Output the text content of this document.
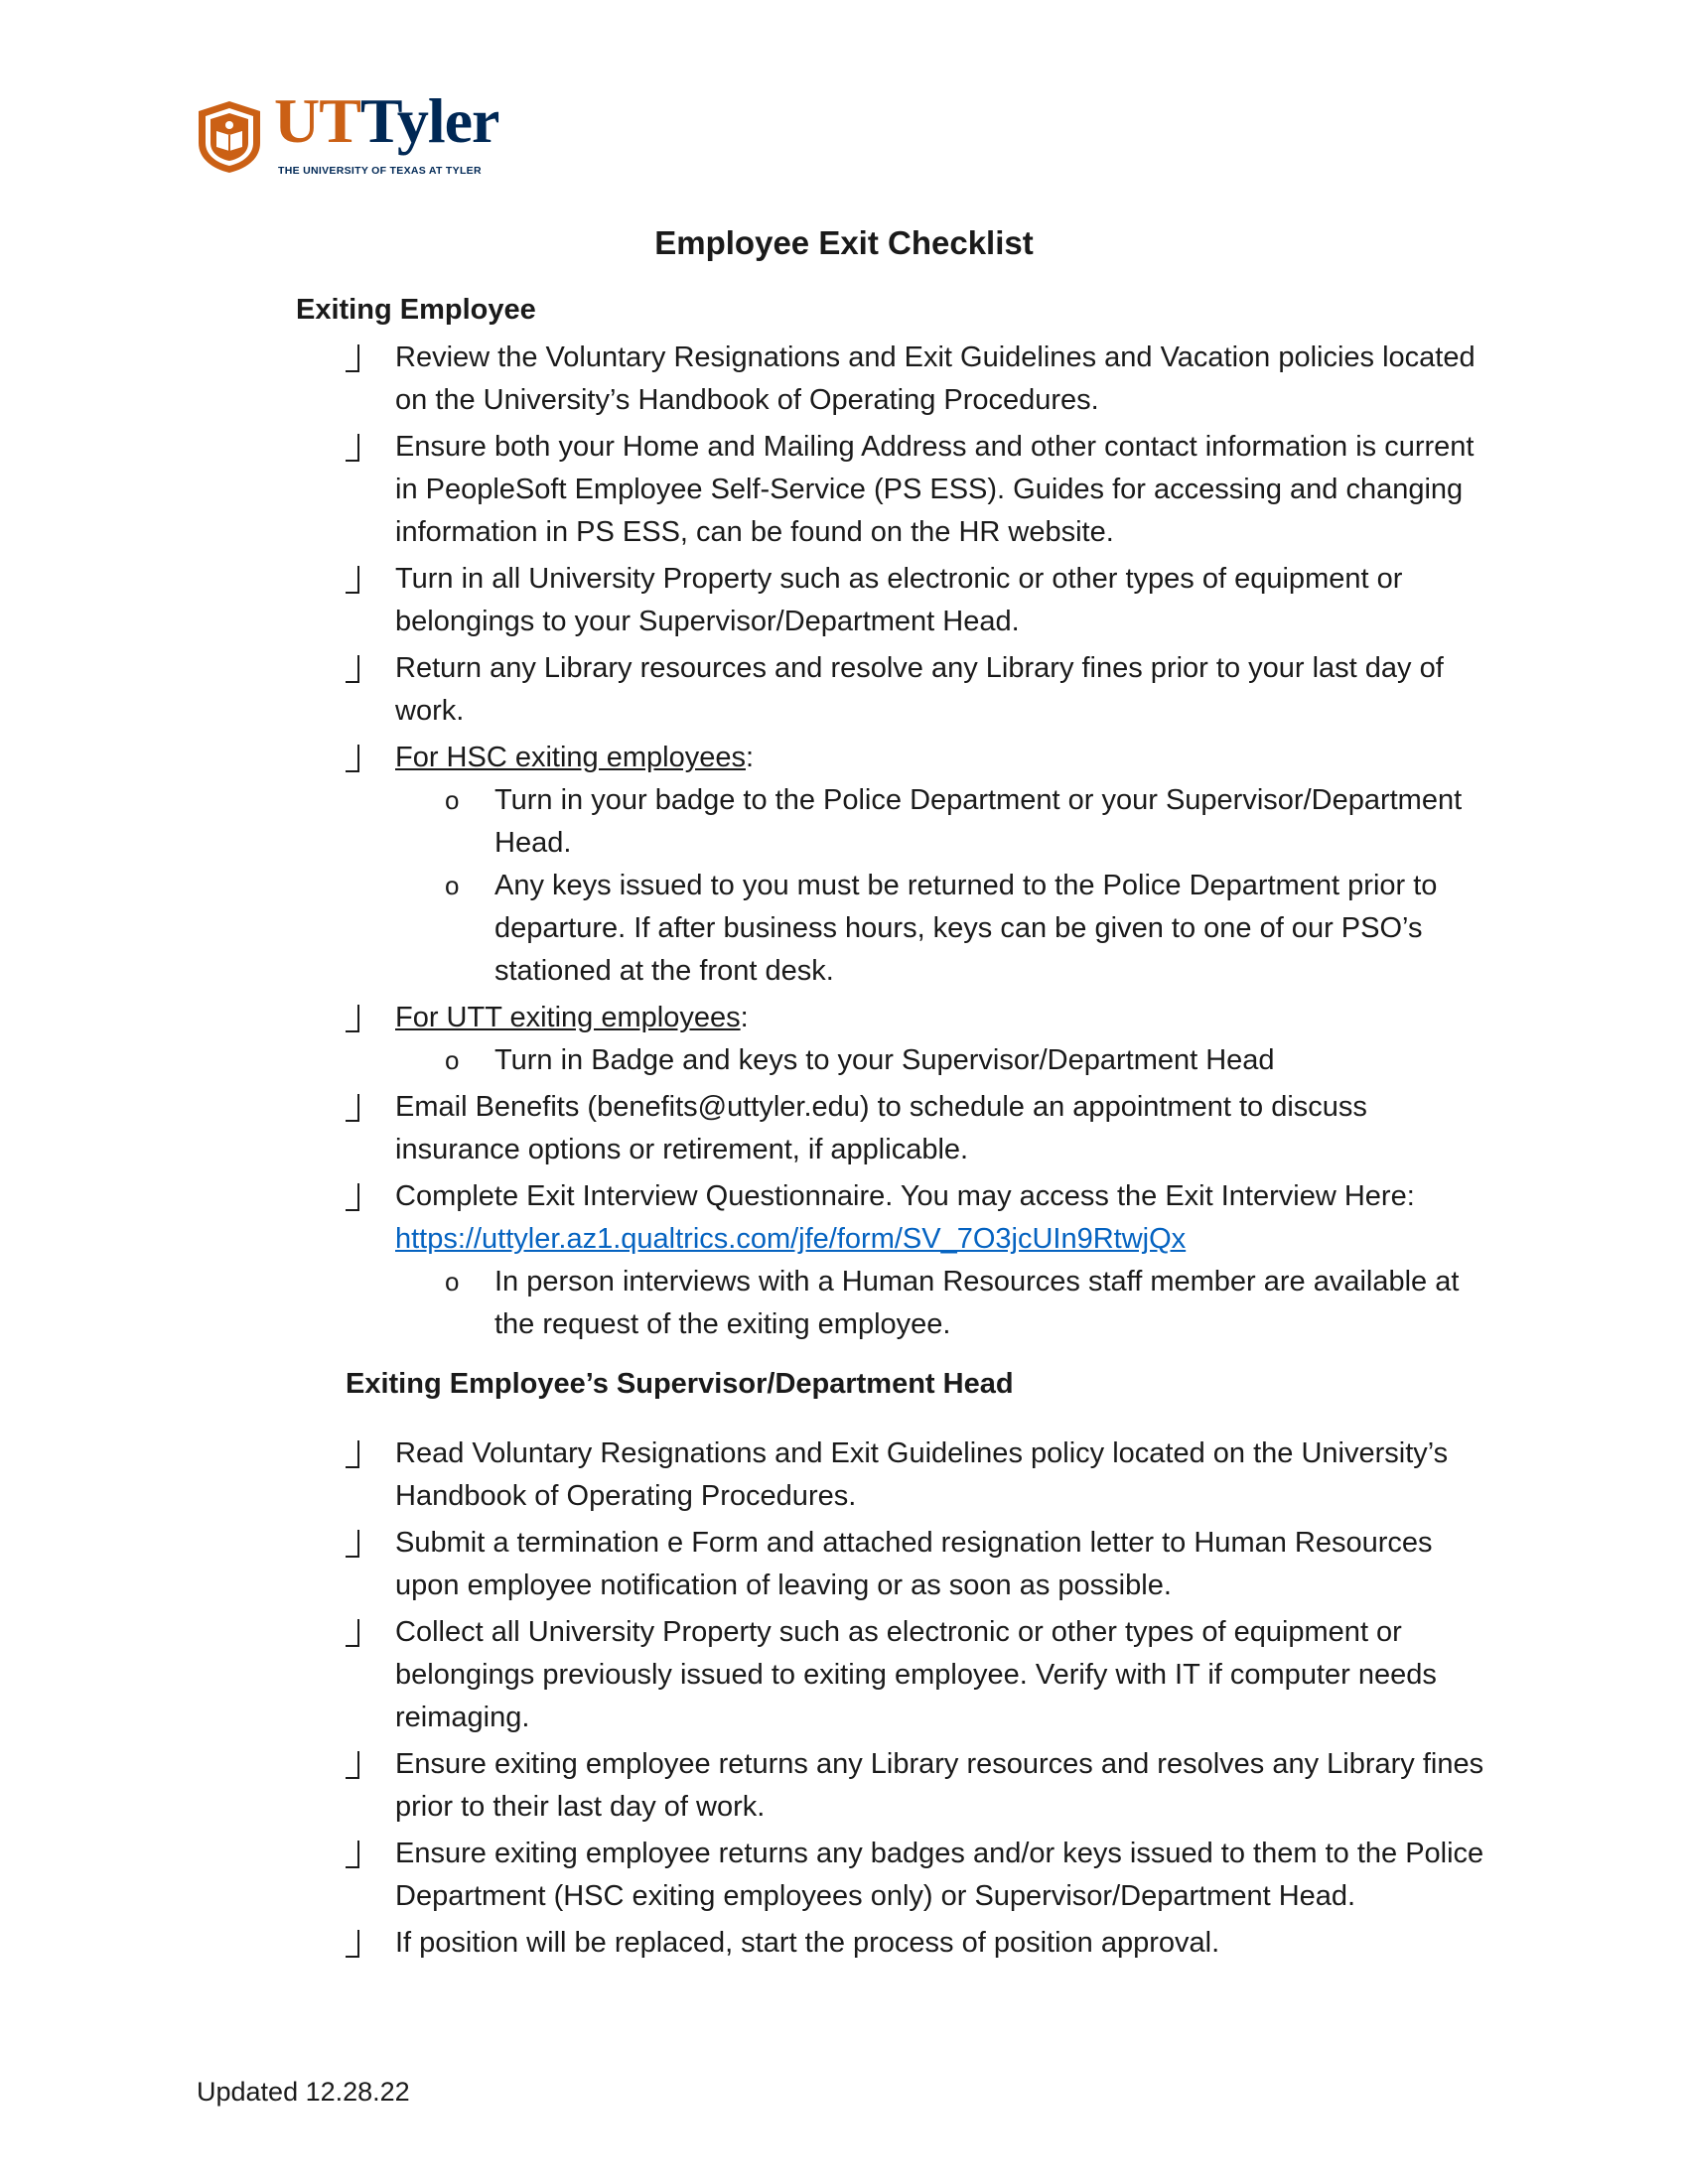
UTTyler
THE UNIVERSITY OF TEXAS AT TYLER
Employee Exit Checklist
Exiting Employee
Review the Voluntary Resignations and Exit Guidelines and Vacation policies located on the University’s Handbook of Operating Procedures.
Ensure both your Home and Mailing Address and other contact information is current in PeopleSoft Employee Self-Service (PS ESS). Guides for accessing and changing information in PS ESS, can be found on the HR website.
Turn in all University Property such as electronic or other types of equipment or belongings to your Supervisor/Department Head.
Return any Library resources and resolve any Library fines prior to your last day of work.
For HSC exiting employees:
o Turn in your badge to the Police Department or your Supervisor/Department Head.
o Any keys issued to you must be returned to the Police Department prior to departure. If after business hours, keys can be given to one of our PSO’s stationed at the front desk.
For UTT exiting employees:
o Turn in Badge and keys to your Supervisor/Department Head
Email Benefits (benefits@uttyler.edu) to schedule an appointment to discuss insurance options or retirement, if applicable.
Complete Exit Interview Questionnaire. You may access the Exit Interview Here:
https://uttyler.az1.qualtrics.com/jfe/form/SV_7O3jcUIn9RtwjQx
o In person interviews with a Human Resources staff member are available at the request of the exiting employee.
Exiting Employee’s Supervisor/Department Head
Read Voluntary Resignations and Exit Guidelines policy located on the University’s Handbook of Operating Procedures.
Submit a termination e Form and attached resignation letter to Human Resources upon employee notification of leaving or as soon as possible.
Collect all University Property such as electronic or other types of equipment or belongings previously issued to exiting employee. Verify with IT if computer needs reimaging.
Ensure exiting employee returns any Library resources and resolves any Library fines prior to their last day of work.
Ensure exiting employee returns any badges and/or keys issued to them to the Police Department (HSC exiting employees only) or Supervisor/Department Head.
If position will be replaced, start the process of position approval.

Updated 12.28.22
